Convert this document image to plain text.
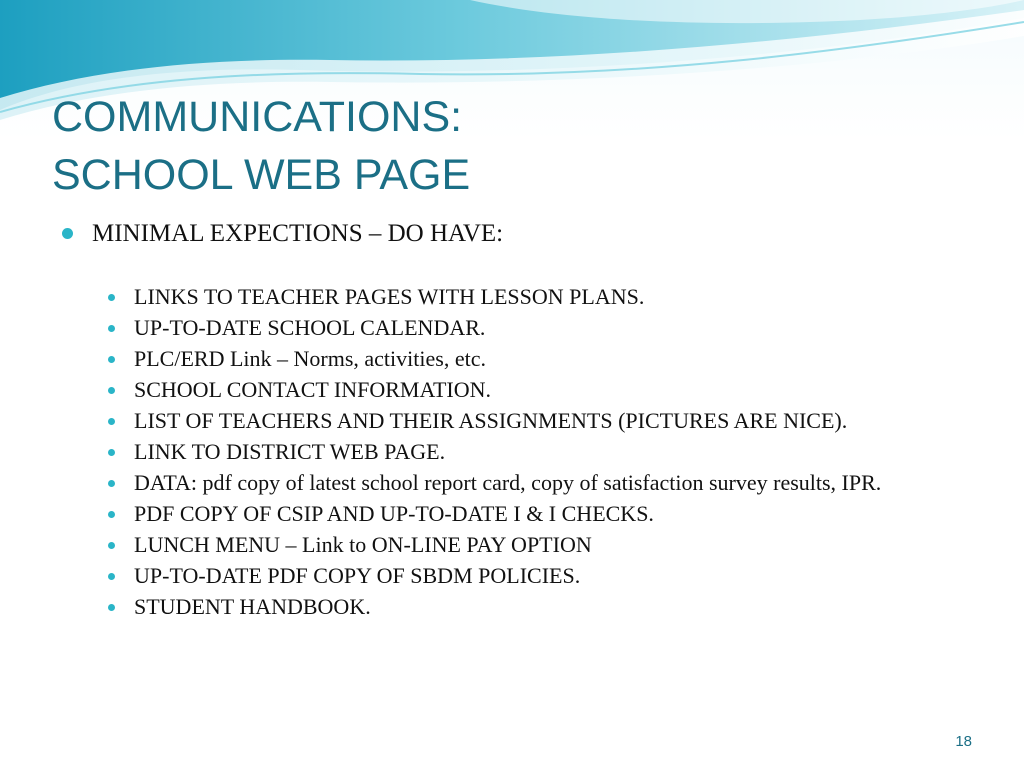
COMMUNICATIONS:
SCHOOL WEB PAGE
MINIMAL EXPECTIONS – DO HAVE:
LINKS TO TEACHER PAGES WITH LESSON PLANS.
UP-TO-DATE SCHOOL CALENDAR.
PLC/ERD Link – Norms, activities, etc.
SCHOOL CONTACT INFORMATION.
LIST OF TEACHERS AND THEIR ASSIGNMENTS (PICTURES ARE NICE).
LINK TO DISTRICT WEB PAGE.
DATA: pdf copy of latest school report card, copy of satisfaction survey results, IPR.
PDF COPY OF CSIP AND UP-TO-DATE I & I CHECKS.
LUNCH MENU – Link to ON-LINE PAY OPTION
UP-TO-DATE PDF COPY OF SBDM POLICIES.
STUDENT HANDBOOK.
18
